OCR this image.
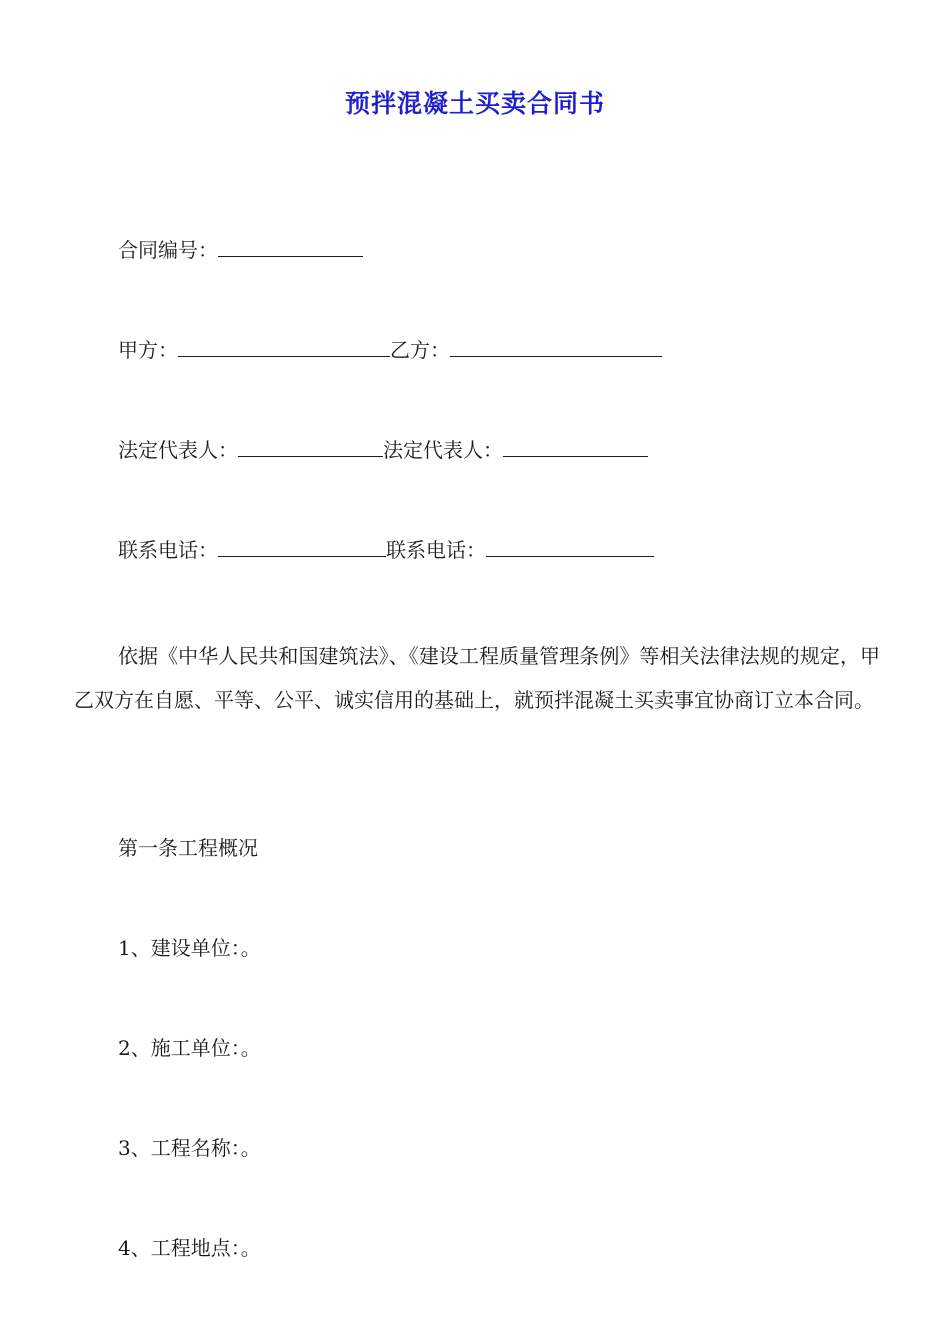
预拌混凝土买卖合同书
合同编号：
甲方：	乙方：
法定代表人：	法定代表人：
联系电话：	联系电话：
依据《中华人民共和国建筑法》、《建设工程质量管理条例》等相关法律法规的规定，甲乙双方在自愿、平等、公平、诚实信用的基础上，就预拌混凝土买卖事宜协商订立本合同。
第一条工程概况
1、建设单位：。
2、施工单位：。
3、工程名称：。
4、工程地点：。
